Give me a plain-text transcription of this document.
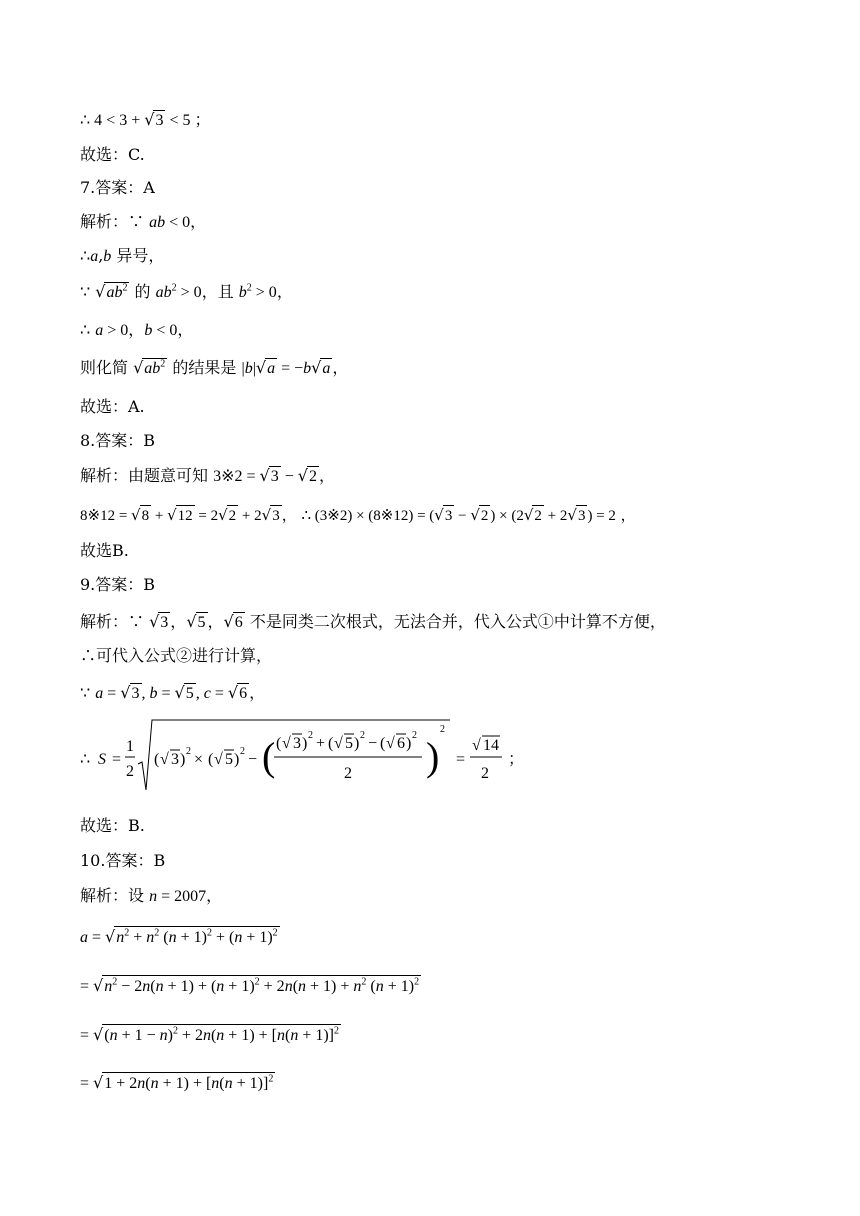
∴ 4 < 3 + √3 < 5 ；
故选：C.
7.答案：A
解析：∵ ab < 0，
∴a,b 异号，
∵ $√ab^2$ 的 $ab^2 > 0$，且 $b^2 > 0$，
∴ a > 0，b < 0，
则化简 $√ab^2$ 的结果是 |b|√a = −b√a ，
故选：A.
8.答案：B
解析：由题意可知 3※2 = √3 − √2 ，
8※12 = √8 + √12 = 2√2 + 2√3 ， ∴ (3※2) × (8※12) = (√3 − √2 ) × (2√2 + 2√3 ) = 2 ，
故选B.
9.答案：B
解析：∵ √3 ，√5 ，√6 不是同类二次根式，无法合并，代入公式①中计算不方便，
∴可代入公式②进行计算，
∵ a = √3 , b = √5 , c = √6 ，
∴ S =
1
2
( √ 3 ) 2 × ( √ 5 ) 2 − ( ( √ 3 ) 2 + ( √ 5 ) 2 − ( √ 6 ) 2
2 )
2
=
√ 14
2
；
故选：B.
10.答案：B
解析：设 n = 2007，
$a = √n^2 + n^2$ $(n + 1)^2 + (n + 1)^2$
= $√n^2 - 2n(n + 1) + (n + 1)^2 + 2n(n + 1) + n^2$ $(n + 1)^2$
= $√(n + 1 - n)^2 + 2n(n + 1) + [n(n + 1)]^2$
= $√1 + 2n(n + 1) + [n(n + 1)]^2$
